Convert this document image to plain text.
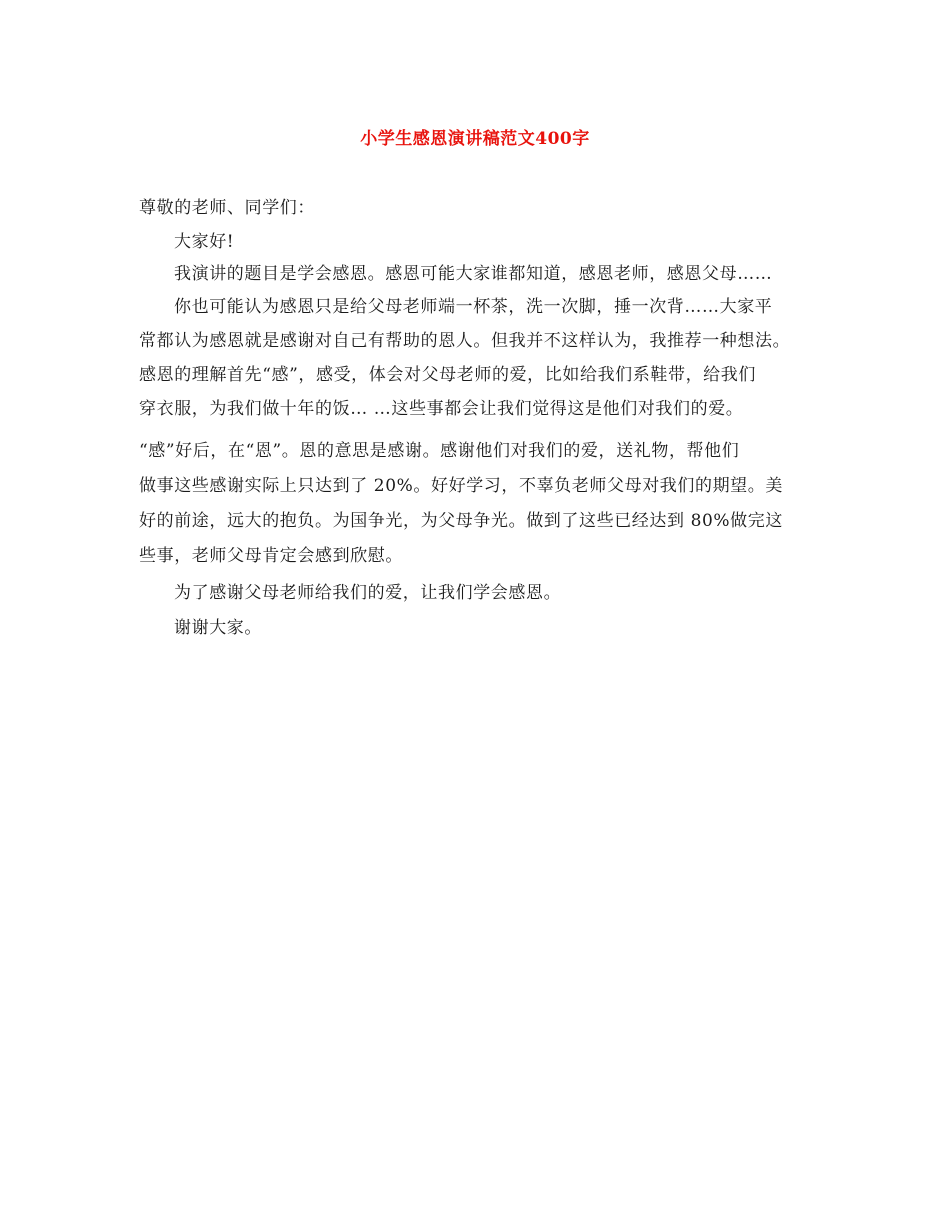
小学生感恩演讲稿范文400字
尊敬的老师、同学们：
大家好!
我演讲的题目是学会感恩。感恩可能大家谁都知道，感恩老师，感恩父母……
你也可能认为感恩只是给父母老师端一杯茶，洗一次脚，捶一次背……大家平
常都认为感恩就是感谢对自己有帮助的恩人。但我并不这样认为，我推荐一种想法。
感恩的理解首先“感”，感受，体会对父母老师的爱，比如给我们系鞋带，给我们
穿衣服，为我们做十年的饭… …这些事都会让我们觉得这是他们对我们的爱。
“感”好后，在“恩”。恩的意思是感谢。感谢他们对我们的爱，送礼物，帮他们
做事这些感谢实际上只达到了 20%。好好学习，不辜负老师父母对我们的期望。美
好的前途，远大的抱负。为国争光，为父母争光。做到了这些已经达到 80%做完这
些事，老师父母肯定会感到欣慰。
为了感谢父母老师给我们的爱，让我们学会感恩。
谢谢大家。
